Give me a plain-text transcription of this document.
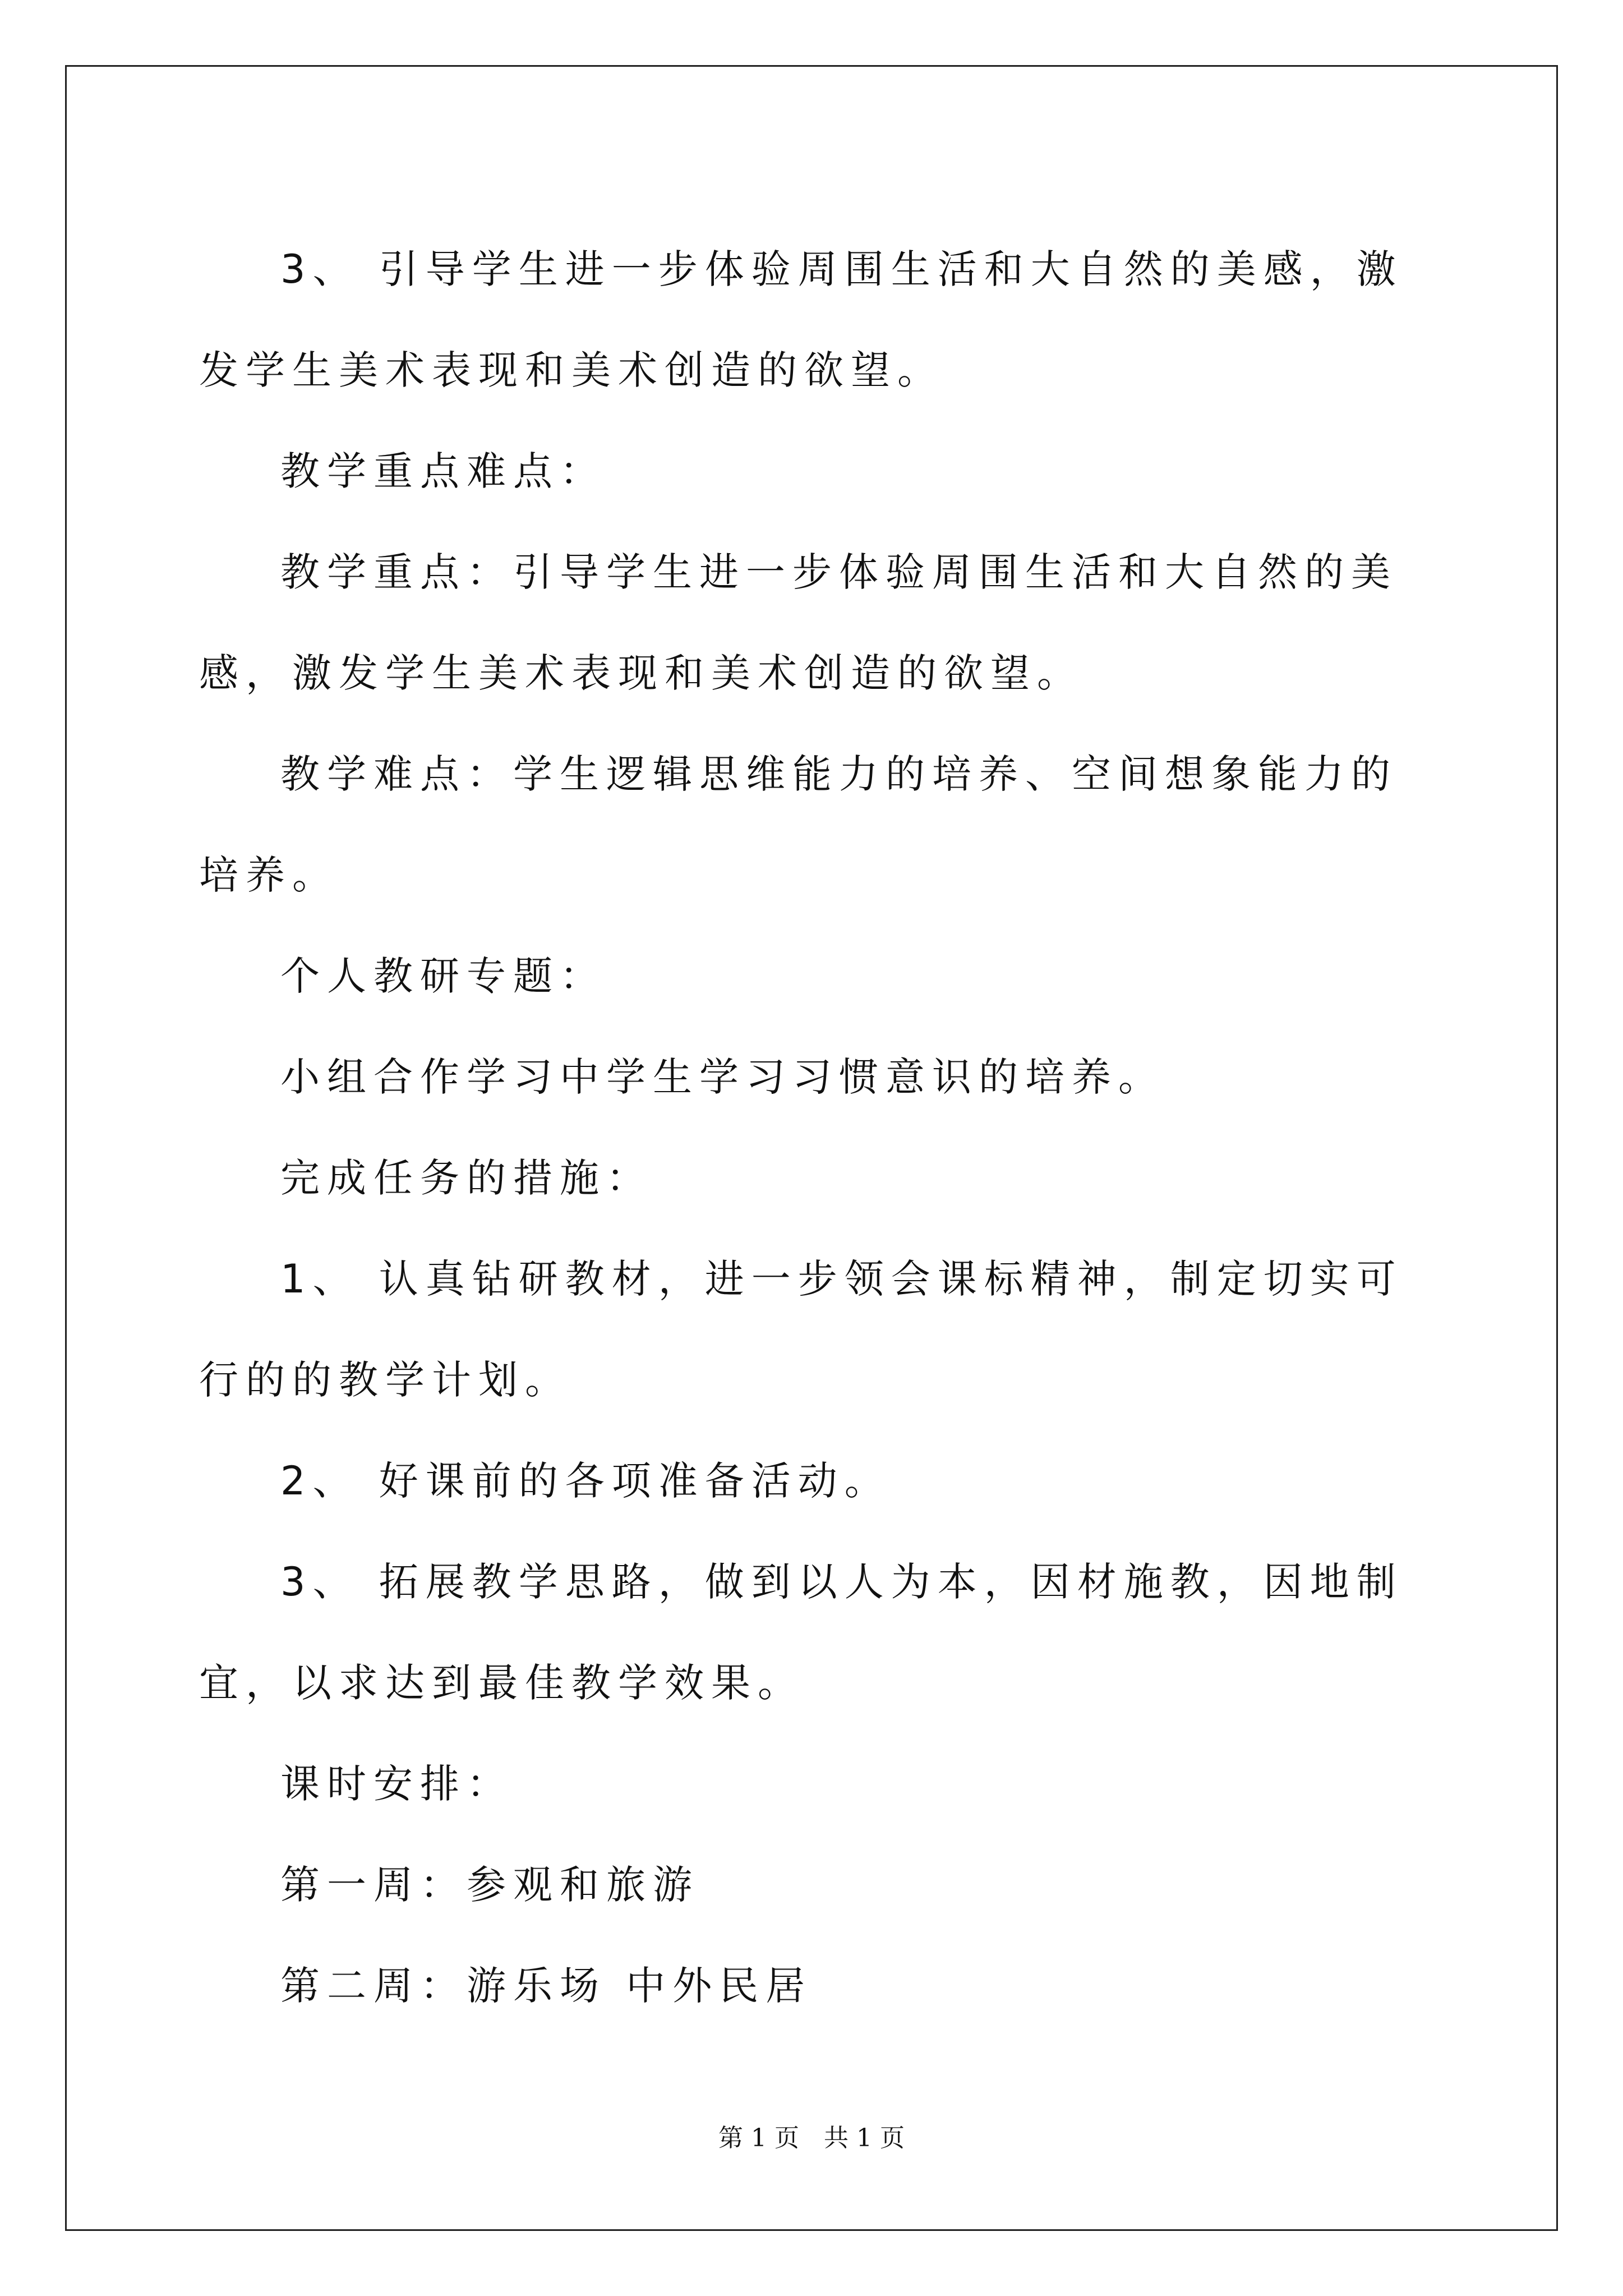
3、 引导学生进一步体验周围生活和大自然的美感，激发学生美术表现和美术创造的欲望。

教学重点难点：

教学重点：引导学生进一步体验周围生活和大自然的美感，激发学生美术表现和美术创造的欲望。

教学难点：学生逻辑思维能力的培养、空间想象能力的培养。

个人教研专题：

小组合作学习中学生学习习惯意识的培养。

完成任务的措施：

1、 认真钻研教材，进一步领会课标精神，制定切实可行的的教学计划。

2、 好课前的各项准备活动。

3、 拓展教学思路，做到以人为本，因材施教，因地制宜，以求达到最佳教学效果。

课时安排：

第一周：参观和旅游

第二周：游乐场 中外民居

第 1 页　共 1 页
